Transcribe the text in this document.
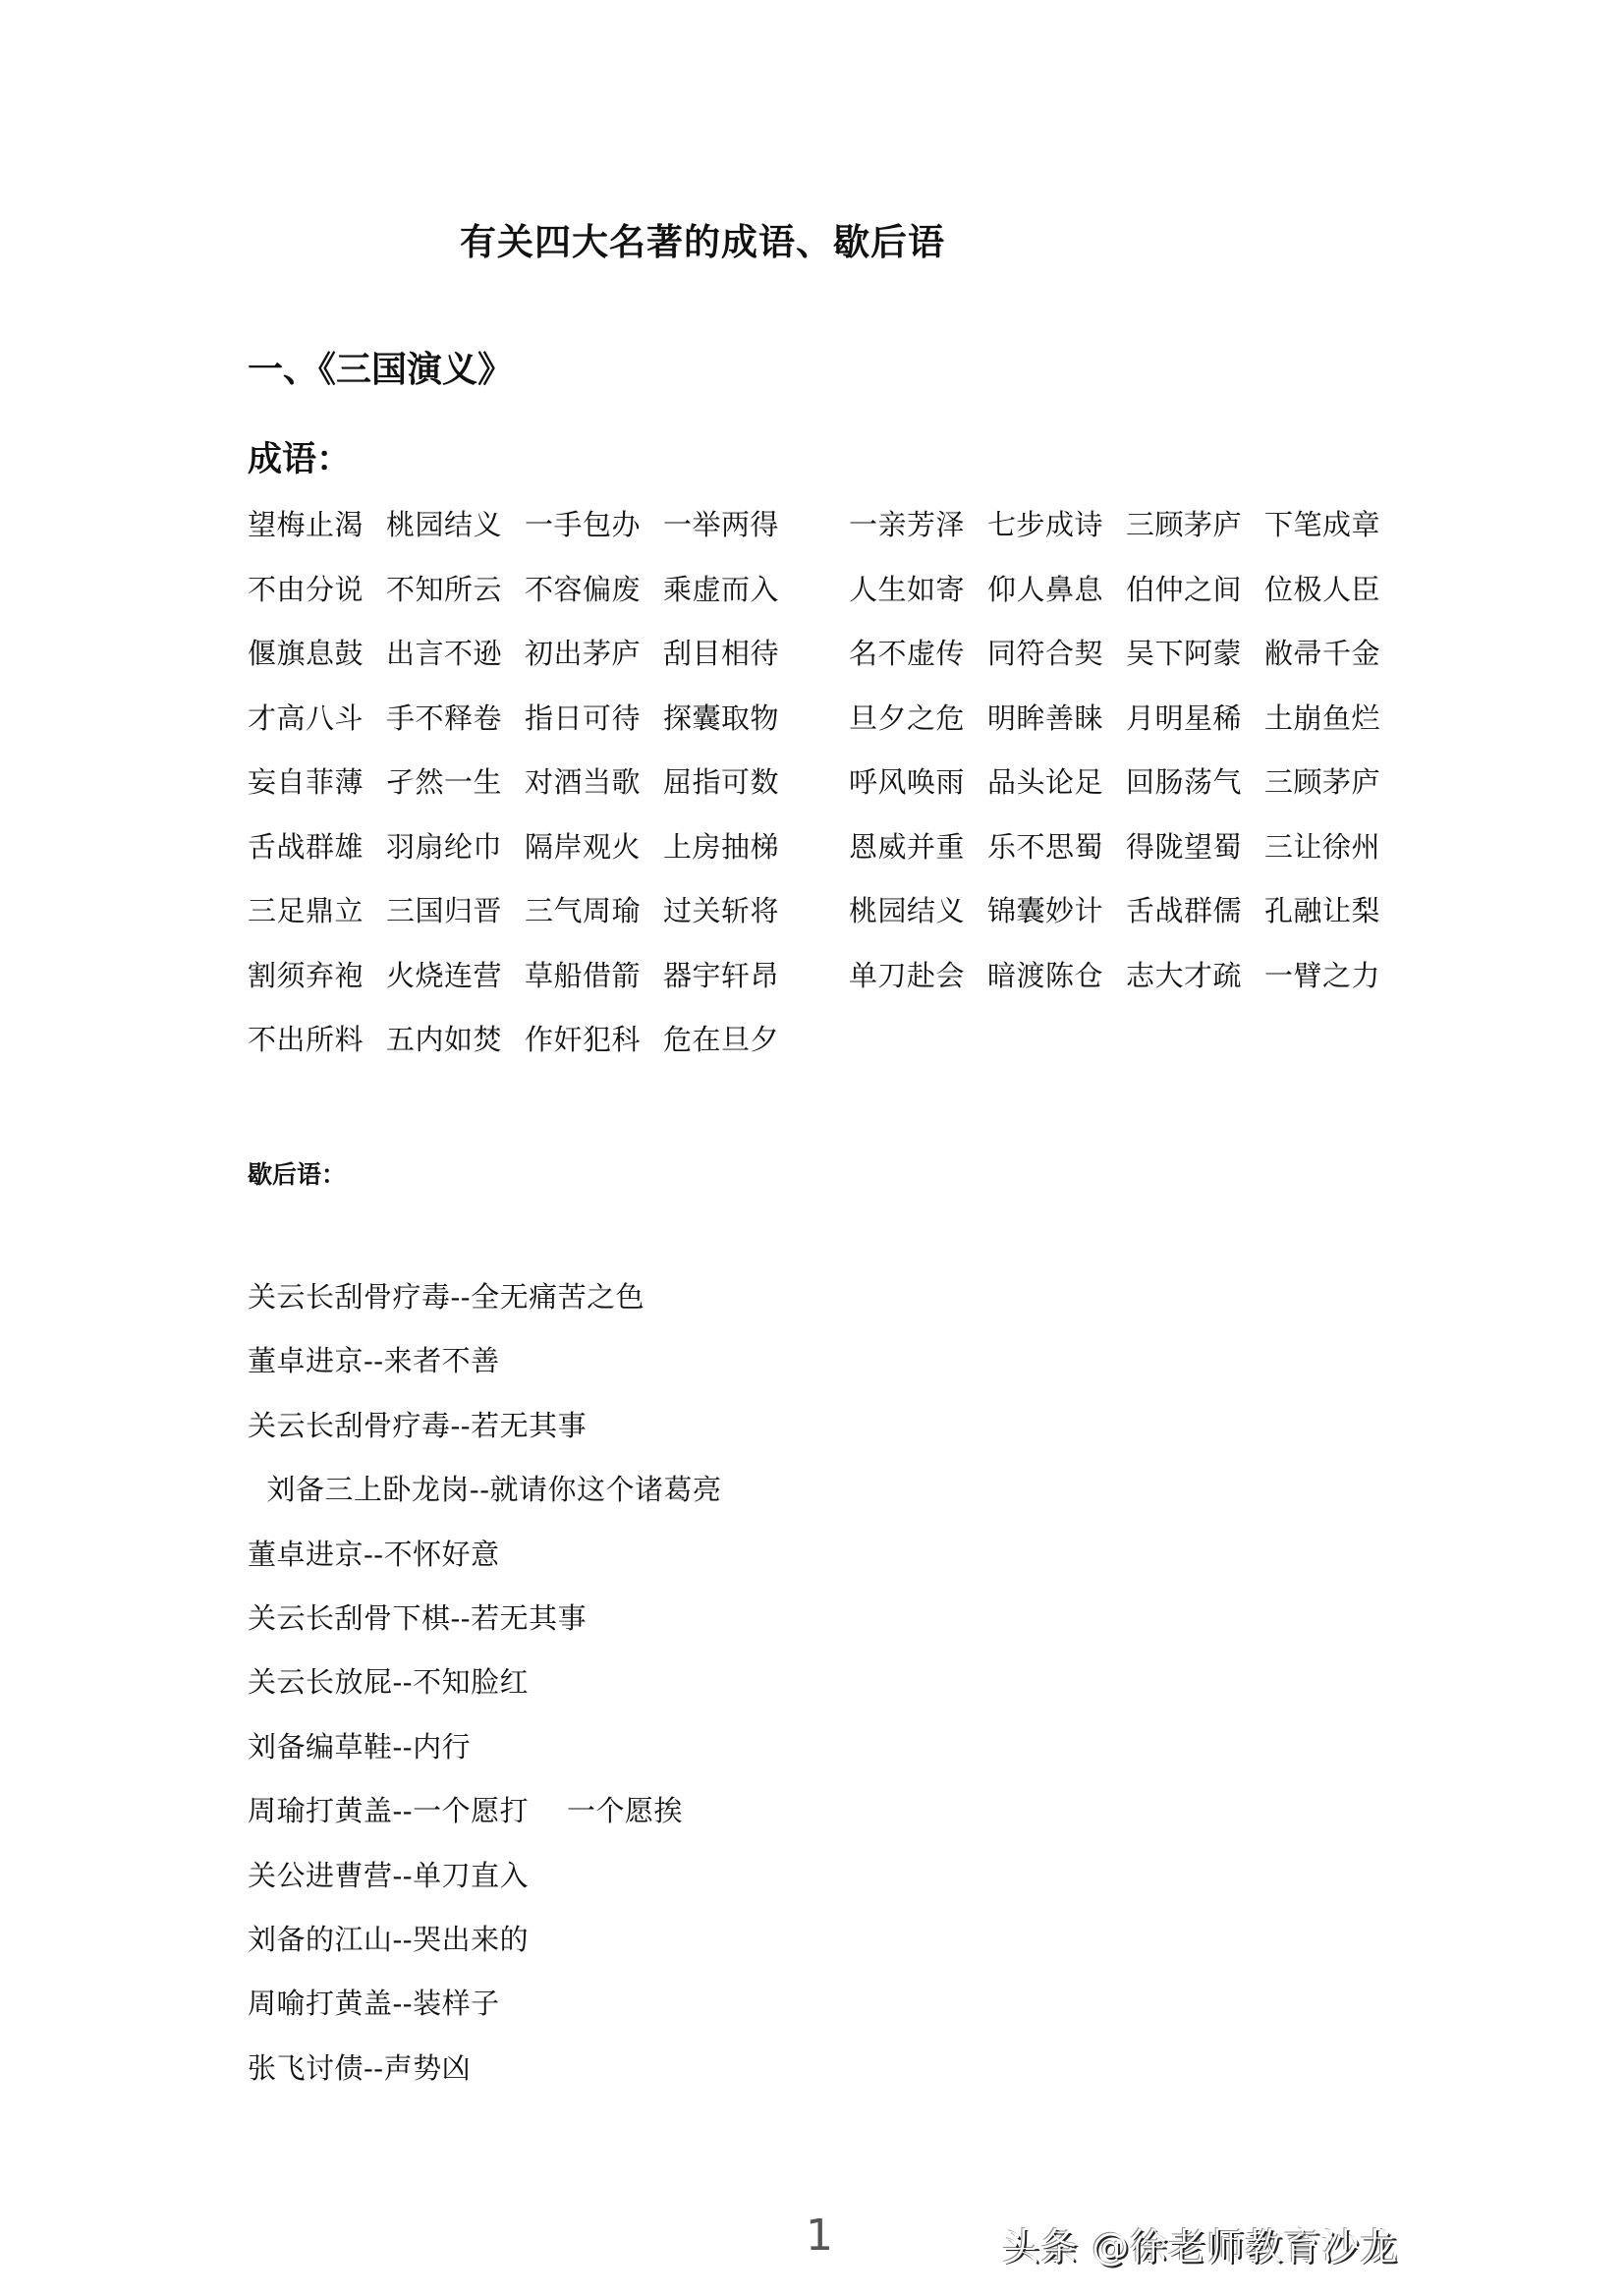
有关四大名著的成语、歇后语
一、《三国演义》
成语：
望梅止渴 桃园结义 一手包办 一举两得	一亲芳泽 七步成诗 三顾茅庐 下笔成章
不由分说 不知所云 不容偏废 乘虚而入	人生如寄 仰人鼻息 伯仲之间 位极人臣
偃旗息鼓 出言不逊 初出茅庐 刮目相待	名不虚传 同符合契 吴下阿蒙 敝帚千金
才高八斗 手不释卷 指日可待 探囊取物	旦夕之危 明眸善睐 月明星稀 土崩鱼烂
妄自菲薄 孑然一生 对酒当歌 屈指可数	呼风唤雨 品头论足 回肠荡气 三顾茅庐
舌战群雄 羽扇纶巾 隔岸观火 上房抽梯	恩威并重 乐不思蜀 得陇望蜀 三让徐州
三足鼎立 三国归晋 三气周瑜 过关斩将	桃园结义 锦囊妙计 舌战群儒 孔融让梨
割须弃袍 火烧连营 草船借箭 器宇轩昂	单刀赴会 暗渡陈仓 志大才疏 一臂之力
不出所料 五内如焚 作奸犯科 危在旦夕
歇后语：
关云长刮骨疗毒--全无痛苦之色
董卓进京--来者不善
关云长刮骨疗毒--若无其事
刘备三上卧龙岗--就请你这个诸葛亮
董卓进京--不怀好意
关云长刮骨下棋--若无其事
关云长放屁--不知脸红
刘备编草鞋--内行
周瑜打黄盖--一个愿打    一个愿挨
关公进曹营--单刀直入
刘备的江山--哭出来的
周喻打黄盖--装样子
张飞讨债--声势凶
1	头条 @徐老师教育沙龙
